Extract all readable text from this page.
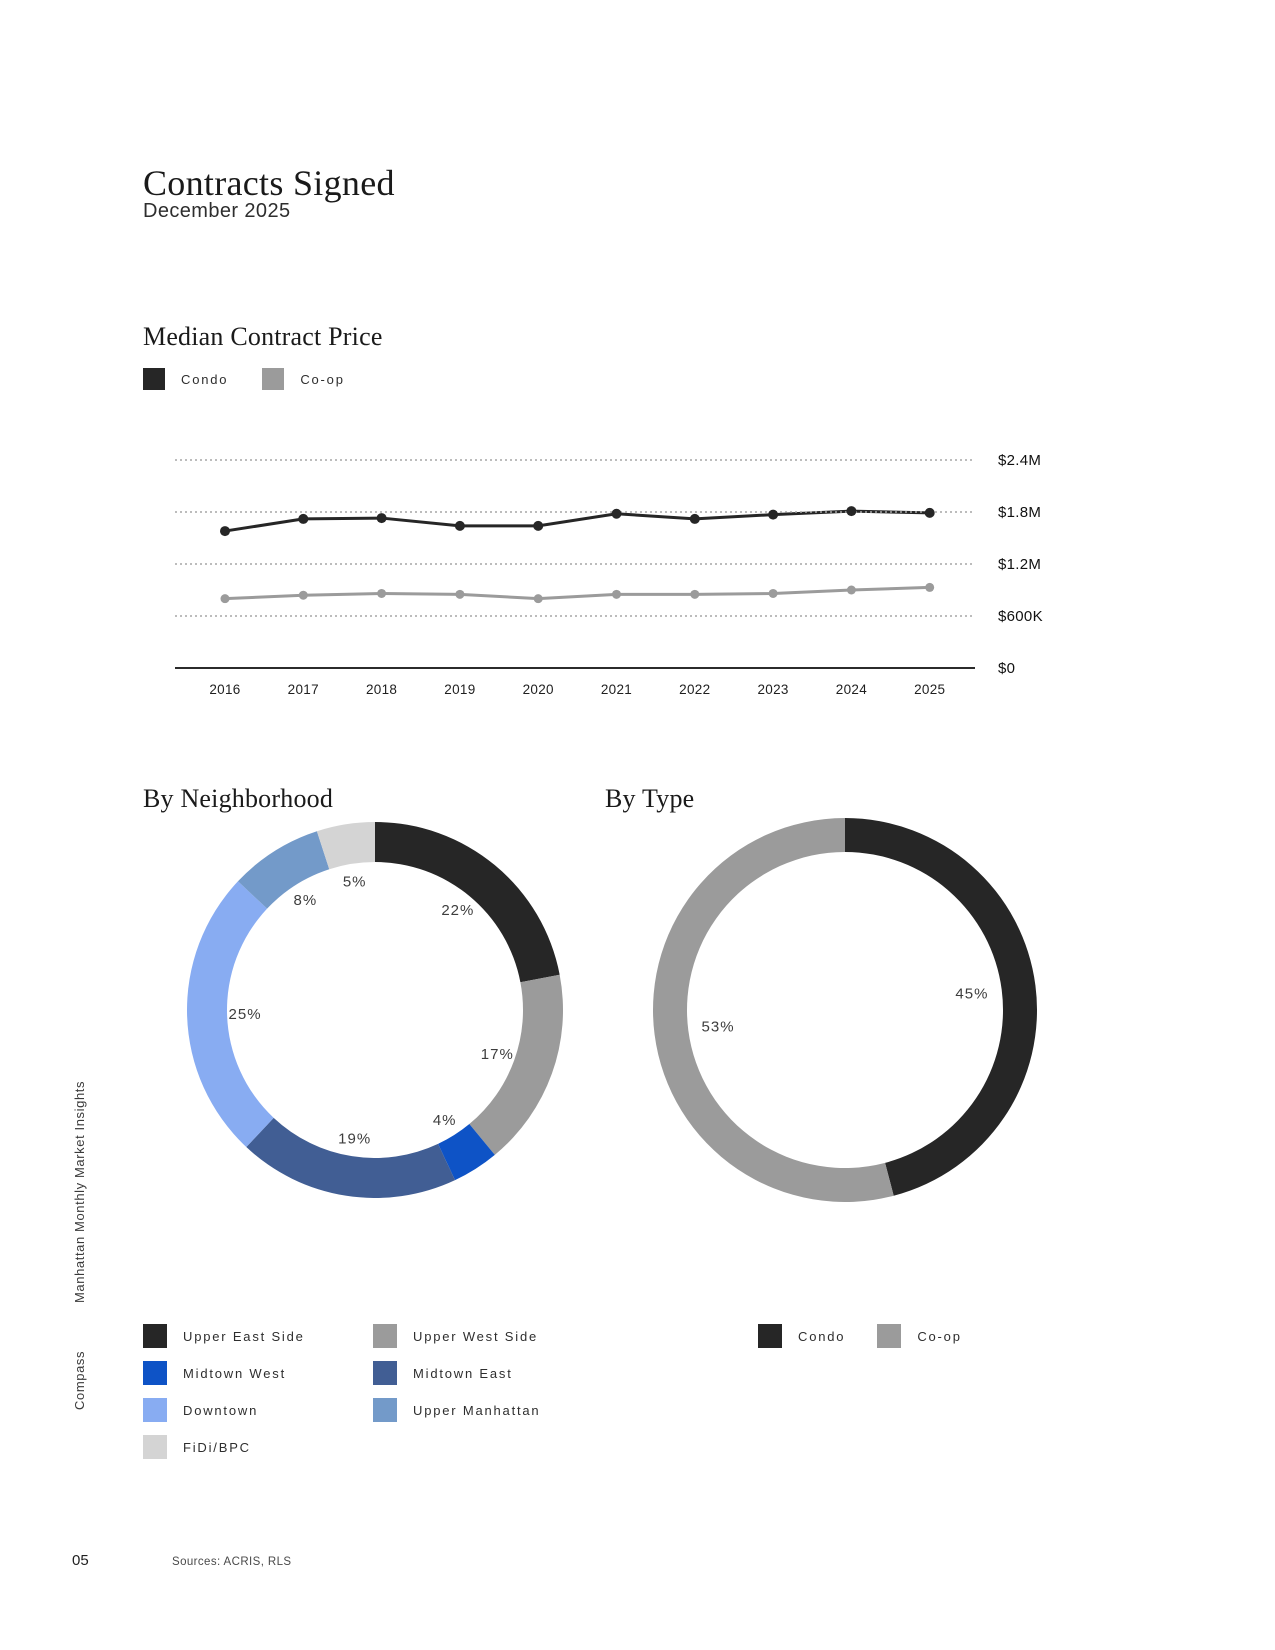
Contracts Signed
December 2025
Median Contract Price
Condo	Co-op
$2.4M
$1.8M
$1.2M
$600K
$0
2016	2017	2018	2019	2020	2021	2022	2023	2024	2025
By Neighborhood	By Type
22%
17%
4%
19%
25%
8%
5%
45%
53%
Upper East Side	Upper West Side
Midtown West	Midtown East
Downtown	Upper Manhattan
FiDi/BPC
Condo	Co-op
Manhattan Monthly Market Insights
Compass
05	Sources: ACRIS, RLS
